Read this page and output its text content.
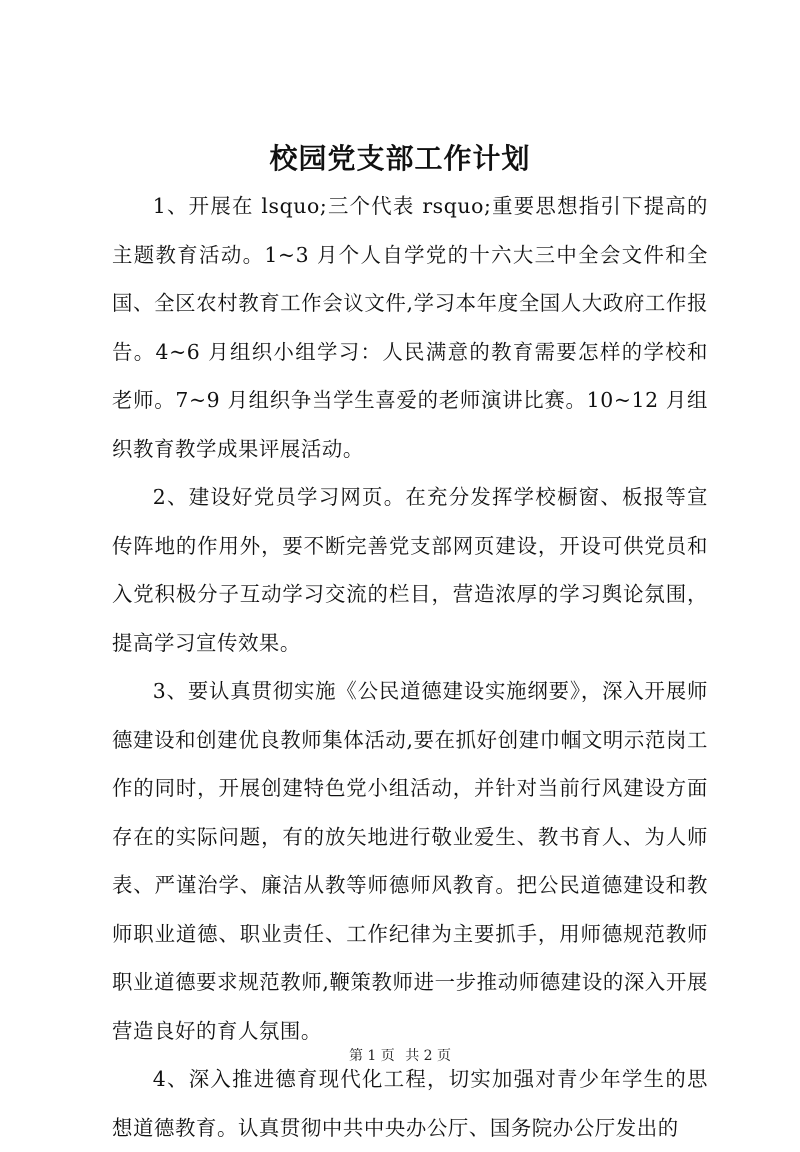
校园党支部工作计划

1、开展在 lsquo;三个代表 rsquo;重要思想指引下提高的主题教育活动。1~3 月个人自学党的十六大三中全会文件和全国、全区农村教育工作会议文件,学习本年度全国人大政府工作报告。4~6 月组织小组学习：人民满意的教育需要怎样的学校和老师。7~9 月组织争当学生喜爱的老师演讲比赛。10~12 月组织教育教学成果评展活动。

2、建设好党员学习网页。在充分发挥学校橱窗、板报等宣传阵地的作用外，要不断完善党支部网页建设，开设可供党员和入党积极分子互动学习交流的栏目，营造浓厚的学习舆论氛围，提高学习宣传效果。

3、要认真贯彻实施《公民道德建设实施纲要》，深入开展师德建设和创建优良教师集体活动,要在抓好创建巾帼文明示范岗工作的同时，开展创建特色党小组活动，并针对当前行风建设方面存在的实际问题，有的放矢地进行敬业爱生、教书育人、为人师表、严谨治学、廉洁从教等师德师风教育。把公民道德建设和教师职业道德、职业责任、工作纪律为主要抓手，用师德规范教师职业道德要求规范教师,鞭策教师进一步推动师德建设的深入开展营造良好的育人氛围。

4、深入推进德育现代化工程，切实加强对青少年学生的思想道德教育。认真贯彻中共中央办公厅、国务院办公厅发出的

第 1 页 共 2 页
